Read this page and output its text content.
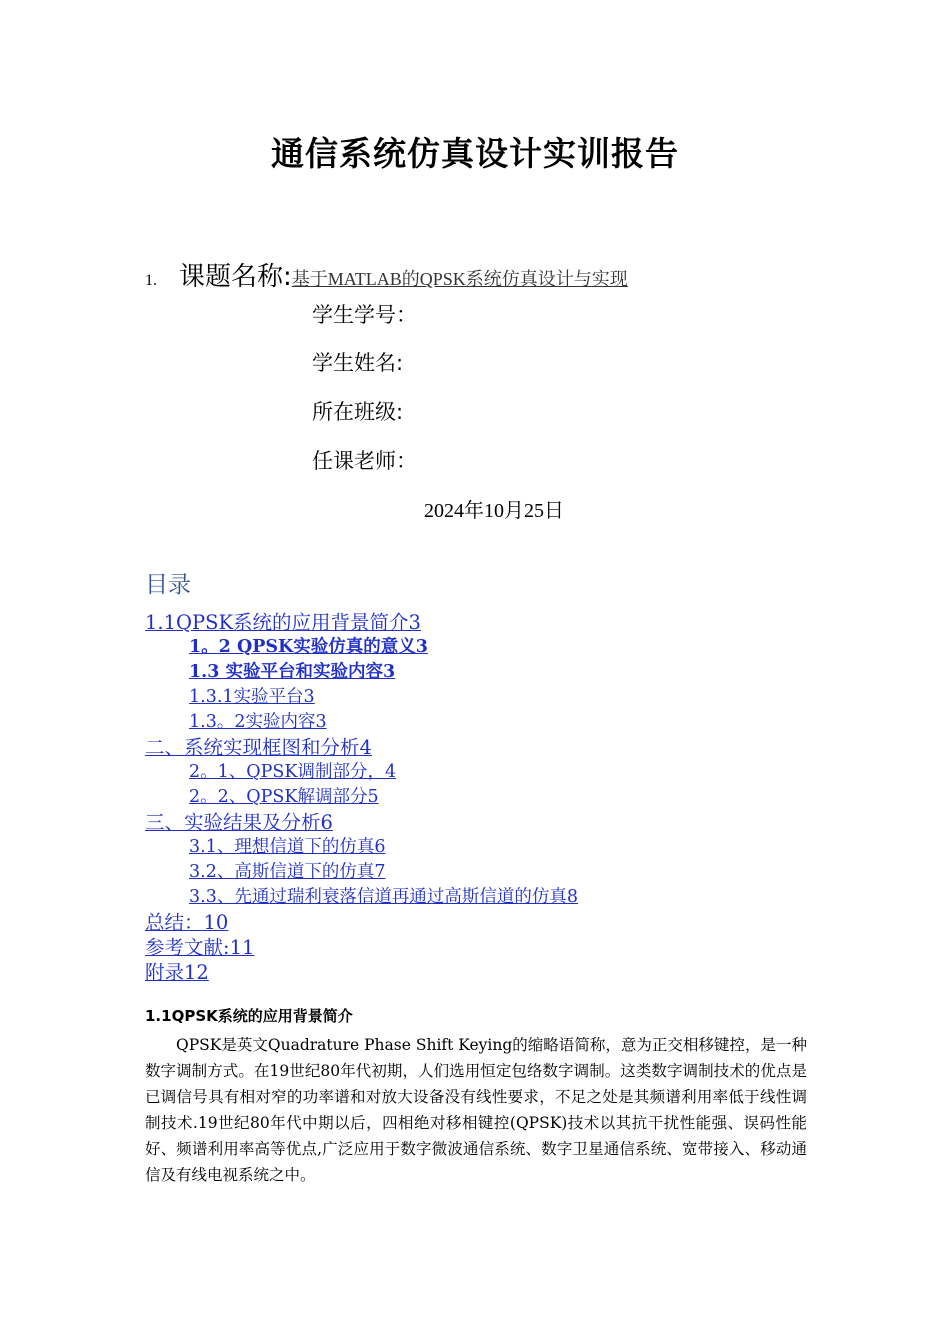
通信系统仿真设计实训报告
1. 课题名称:基于MATLAB的QPSK系统仿真设计与实现
学生学号：
学生姓名:
所在班级:
任课老师：
2024年10月25日
目录
1.1QPSK系统的应用背景简介3
1。2 QPSK实验仿真的意义3
1.3 实验平台和实验内容3
1.3.1实验平台3
1.3。2实验内容3
二、系统实现框图和分析4
2。1、QPSK调制部分，4
2。2、QPSK解调部分5
三、实验结果及分析6
3.1、理想信道下的仿真6
3.2、高斯信道下的仿真7
3.3、先通过瑞利衰落信道再通过高斯信道的仿真8
总结：10
参考文献:11
附录12
1.1QPSK系统的应用背景简介
QPSK是英文Quadrature Phase Shift Keying的缩略语简称，意为正交相移键控，是一种数字调制方式。在19世纪80年代初期，人们选用恒定包络数字调制。这类数字调制技术的优点是已调信号具有相对窄的功率谱和对放大设备没有线性要求，不足之处是其频谱利用率低于线性调制技术.19世纪80年代中期以后，四相绝对移相键控(QPSK)技术以其抗干扰性能强、误码性能好、频谱利用率高等优点,广泛应用于数字微波通信系统、数字卫星通信系统、宽带接入、移动通信及有线电视系统之中。
